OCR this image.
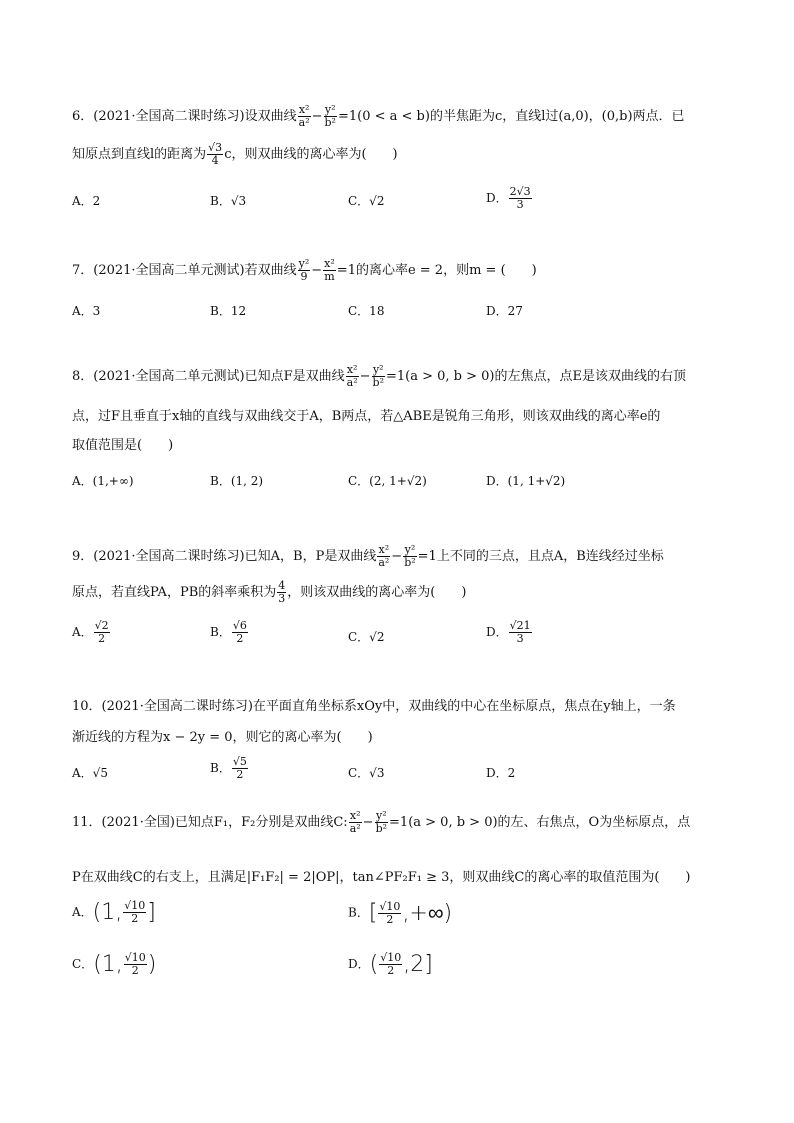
6．(2021·全国高二课时练习)设双曲线 $\frac{\text{x²}}{\text{a²}} - \frac{\text{y²}}{\text{b²}} =1(0 < a < b)$的半焦距为c，直线l过(a,0)，(0,b)两点．已
知原点到直线l的距离为 $\frac{√3}{4}$ c，则双曲线的离心率为(　　)
A．2	B．√3	C．√2	D． $\frac{2√3}{3}$
7．(2021·全国高二单元测试)若双曲线 $\frac{\text{y²}}{9} - \frac{\text{x²}}{m} =1$的离心率e = 2，则m = (　　)
A．3	B．12	C．18	D．27
8．(2021·全国高二单元测试)已知点F是双曲线 $\frac{\text{x²}}{\text{a²}} - \frac{\text{y²}}{\text{b²}} =1(a > 0$, b > 0)的左焦点，点E是该双曲线的右顶
点，过F且垂直于x轴的直线与双曲线交于A，B两点，若△ABE是锐角三角形，则该双曲线的离心率e的
取值范围是(　　)
A．(1,+∞)	B．(1, 2)	C．(2, 1+√2)	D．(1, 1+√2)
9．(2021·全国高二课时练习)已知A，B，P是双曲线 $\frac{\text{x²}}{\text{a²}} - \frac{\text{y²}}{\text{b²}} =1$上不同的三点，且点A，B连线经过坐标
原点，若直线PA，PB的斜率乘积为 $\frac{4}{3}$ ，则该双曲线的离心率为(　　)
A． $\frac{√2}{2}$	B． $\frac{√6}{2}$	C．√2	D． $\frac{√21}{3}$
10．(2021·全国高二课时练习)在平面直角坐标系xOy中，双曲线的中心在坐标原点，焦点在y轴上，一条
渐近线的方程为x − 2y = 0，则它的离心率为(　　)
A．√5	B． $\frac{√5}{2}$	C．√3	D．2
11．(2021·全国)已知点F₁，F₂分别是双曲线C: $\frac{\text{x²}}{\text{a²}} - \frac{\text{y²}}{\text{b²}} =1(a > 0$, b > 0)的左、右焦点，O为坐标原点，点
P在双曲线C的右支上，且满足|F₁F₂| = 2|OP|，tan∠PF₂F₁ ≥ 3，则双曲线C的离心率的取值范围为(　　)
A．(1, $\frac{√10}{2}$ ]	B．[ $\frac{√10}{2}$ ,+∞)
C．(1, $\frac{√10}{2}$ )	D．( $\frac{√10}{2} ,2$]
